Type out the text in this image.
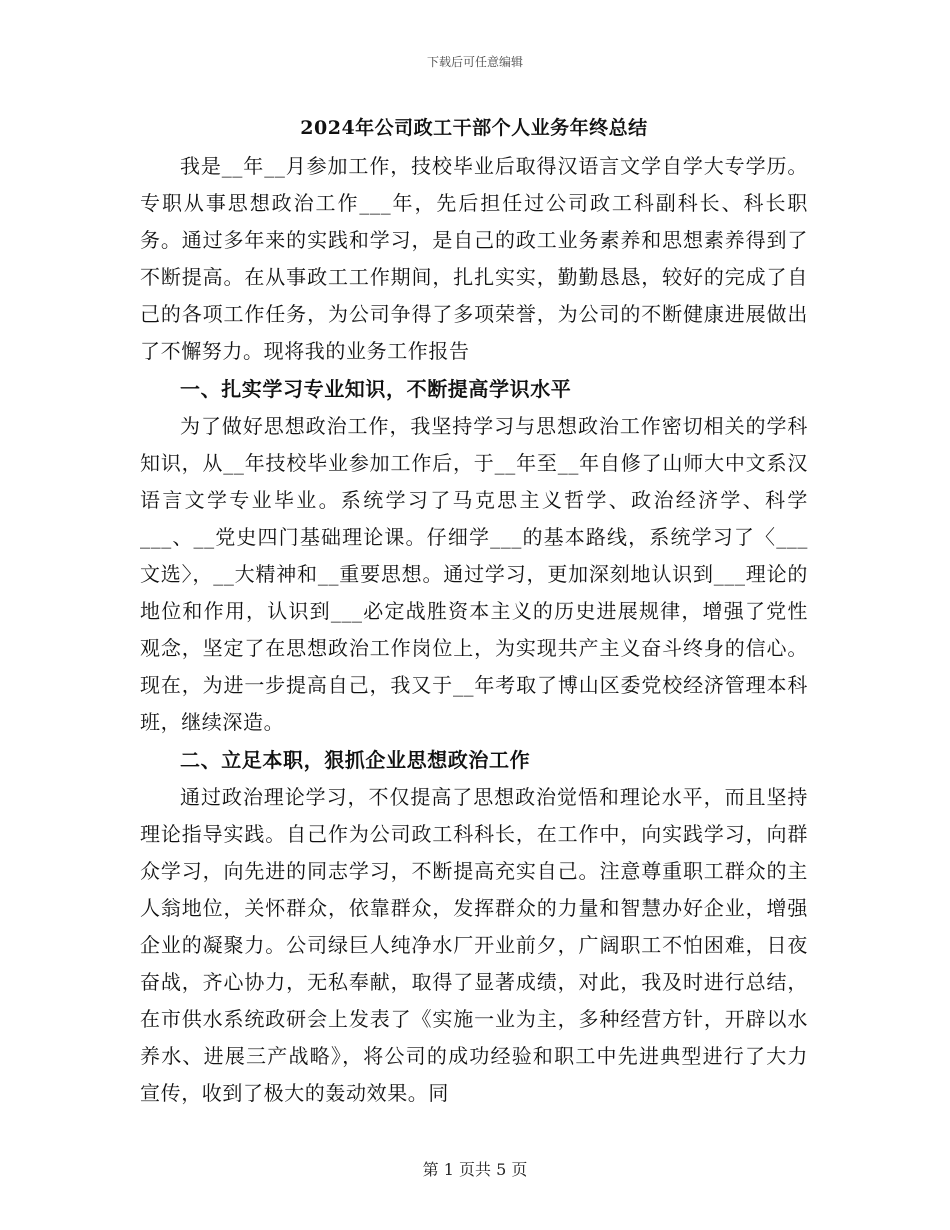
下载后可任意编辑
2024年公司政工干部个人业务年终总结

我是__年__月参加工作，技校毕业后取得汉语言文学自学大专学历。专职从事思想政治工作___年，先后担任过公司政工科副科长、科长职务。通过多年来的实践和学习，是自己的政工业务素养和思想素养得到了不断提高。在从事政工工作期间，扎扎实实，勤勤恳恳，较好的完成了自己的各项工作任务，为公司争得了多项荣誉，为公司的不断健康进展做出了不懈努力。现将我的业务工作报告

一、扎实学习专业知识，不断提高学识水平

为了做好思想政治工作，我坚持学习与思想政治工作密切相关的学科知识，从__年技校毕业参加工作后，于__年至__年自修了山师大中文系汉语言文学专业毕业。系统学习了马克思主义哲学、政治经济学、科学___、__党史四门基础理论课。仔细学___的基本路线，系统学习了〈___文选〉，__大精神和__重要思想。通过学习，更加深刻地认识到___理论的地位和作用，认识到___必定战胜资本主义的历史进展规律，增强了党性观念，坚定了在思想政治工作岗位上，为实现共产主义奋斗终身的信心。现在，为进一步提高自己，我又于__年考取了博山区委党校经济管理本科班，继续深造。

二、立足本职，狠抓企业思想政治工作

通过政治理论学习，不仅提高了思想政治觉悟和理论水平，而且坚持理论指导实践。自己作为公司政工科科长，在工作中，向实践学习，向群众学习，向先进的同志学习，不断提高充实自己。注意尊重职工群众的主人翁地位，关怀群众，依靠群众，发挥群众的力量和智慧办好企业，增强企业的凝聚力。公司绿巨人纯净水厂开业前夕，广阔职工不怕困难，日夜奋战，齐心协力，无私奉献，取得了显著成绩，对此，我及时进行总结，在市供水系统政研会上发表了《实施一业为主，多种经营方针，开辟以水养水、进展三产战略》，将公司的成功经验和职工中先进典型进行了大力宣传，收到了极大的轰动效果。同

第 1 页共 5 页
